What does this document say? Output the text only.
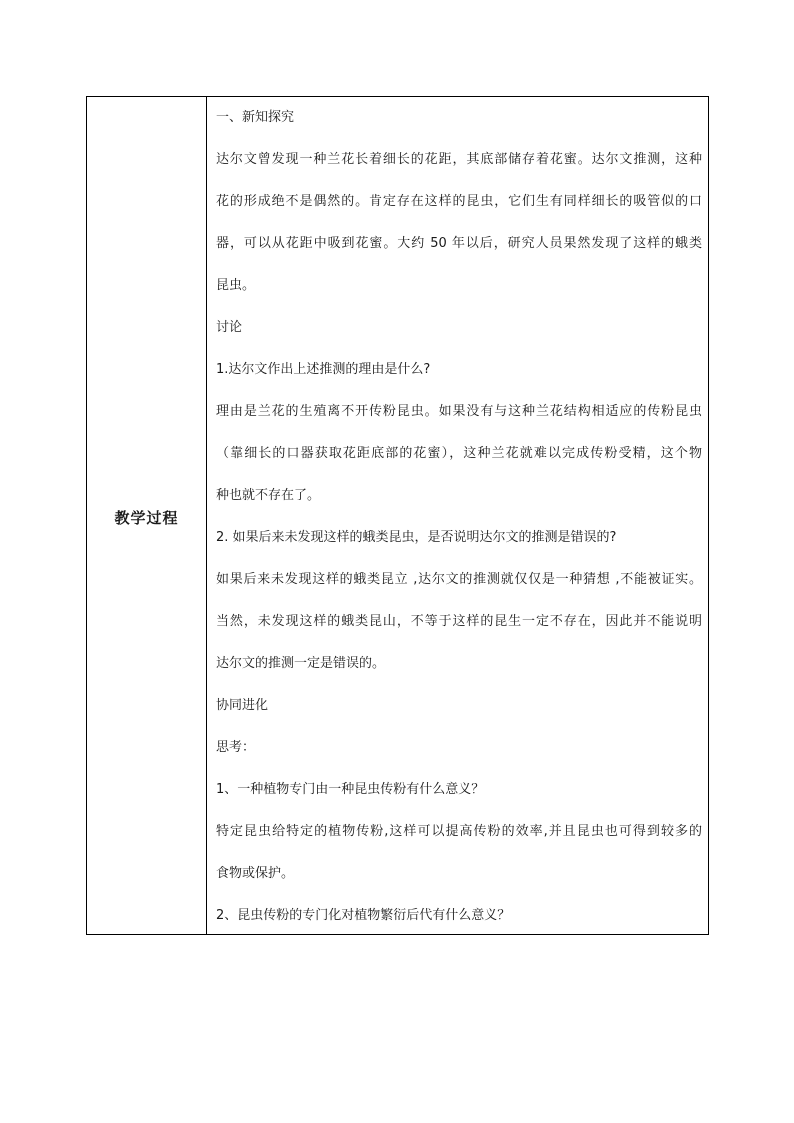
教学过程
一、新知探究
达尔文曾发现一种兰花长着细长的花距，其底部储存着花蜜。达尔文推测，这种
花的形成绝不是偶然的。肯定存在这样的昆虫，它们生有同样细长的吸管似的口
器，可以从花距中吸到花蜜。大约 50 年以后，研究人员果然发现了这样的蛾类
昆虫。
讨论
1.达尔文作出上述推测的理由是什么?
理由是兰花的生殖离不开传粉昆虫。如果没有与这种兰花结构相适应的传粉昆虫
（靠细长的口器获取花距底部的花蜜），这种兰花就难以完成传粉受精，这个物
种也就不存在了。
2. 如果后来未发现这样的蛾类昆虫，是否说明达尔文的推测是错误的?
如果后来未发现这样的蛾类昆立 ,达尔文的推测就仅仅是一种猜想 ,不能被证实。
当然，未发现这样的蛾类昆山，不等于这样的昆生一定不存在，因此并不能说明
达尔文的推测一定是错误的。
协同进化
思考：
1、一种植物专门由一种昆虫传粉有什么意义？
特定昆虫给特定的植物传粉,这样可以提高传粉的效率,并且昆虫也可得到较多的
食物或保护。
2、昆虫传粉的专门化对植物繁衍后代有什么意义？
